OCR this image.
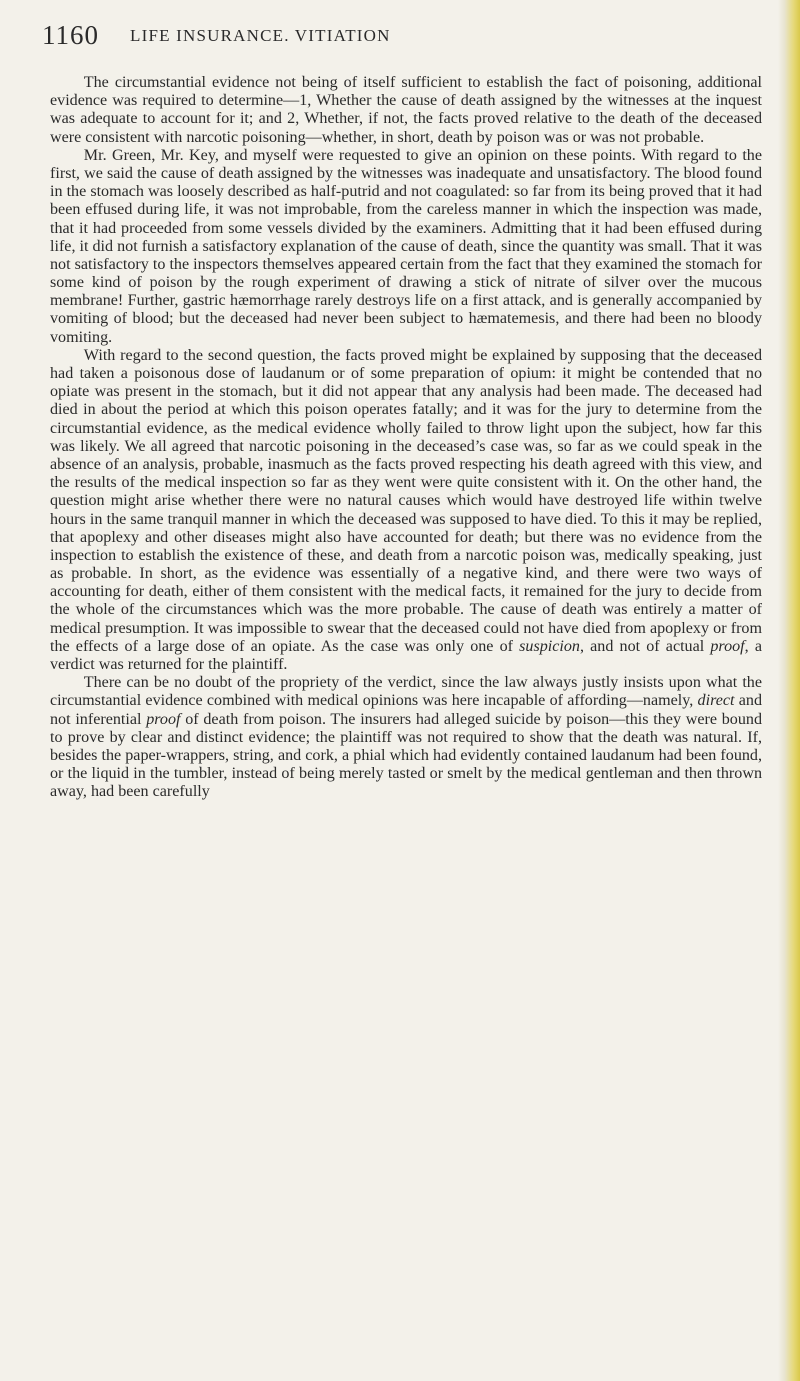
1160 LIFE INSURANCE. VITIATION

The circumstantial evidence not being of itself sufficient to establish the fact of poisoning, additional evidence was required to determine—1, Whether the cause of death assigned by the witnesses at the inquest was adequate to account for it; and 2, Whether, if not, the facts proved relative to the death of the deceased were consistent with narcotic poisoning—whether, in short, death by poison was or was not probable.

Mr. Green, Mr. Key, and myself were requested to give an opinion on these points. With regard to the first, we said the cause of death assigned by the witnesses was inadequate and unsatisfactory. The blood found in the stomach was loosely described as half-putrid and not coagulated: so far from its being proved that it had been effused during life, it was not improbable, from the careless manner in which the inspection was made, that it had proceeded from some vessels divided by the examiners. Admitting that it had been effused during life, it did not furnish a satisfactory explanation of the cause of death, since the quantity was small. That it was not satisfactory to the inspectors themselves appeared certain from the fact that they examined the stomach for some kind of poison by the rough experiment of drawing a stick of nitrate of silver over the mucous membrane! Further, gastric hæmorrhage rarely destroys life on a first attack, and is generally accompanied by vomiting of blood; but the deceased had never been subject to hæmatemesis, and there had been no bloody vomiting.

With regard to the second question, the facts proved might be explained by supposing that the deceased had taken a poisonous dose of laudanum or of some preparation of opium: it might be contended that no opiate was present in the stomach, but it did not appear that any analysis had been made. The deceased had died in about the period at which this poison operates fatally; and it was for the jury to determine from the circumstantial evidence, as the medical evidence wholly failed to throw light upon the subject, how far this was likely. We all agreed that narcotic poisoning in the deceased’s case was, so far as we could speak in the absence of an analysis, probable, inasmuch as the facts proved respecting his death agreed with this view, and the results of the medical inspection so far as they went were quite consistent with it. On the other hand, the question might arise whether there were no natural causes which would have destroyed life within twelve hours in the same tranquil manner in which the deceased was supposed to have died. To this it may be replied, that apoplexy and other diseases might also have accounted for death; but there was no evidence from the inspection to establish the existence of these, and death from a narcotic poison was, medically speaking, just as probable. In short, as the evidence was essentially of a negative kind, and there were two ways of accounting for death, either of them consistent with the medical facts, it remained for the jury to decide from the whole of the circumstances which was the more probable. The cause of death was entirely a matter of medical presumption. It was impossible to swear that the deceased could not have died from apoplexy or from the effects of a large dose of an opiate. As the case was only one of suspicion, and not of actual proof, a verdict was returned for the plaintiff.

There can be no doubt of the propriety of the verdict, since the law always justly insists upon what the circumstantial evidence combined with medical opinions was here incapable of affording—namely, direct and not inferential proof of death from poison. The insurers had alleged suicide by poison—this they were bound to prove by clear and distinct evidence; the plaintiff was not required to show that the death was natural. If, besides the paper-wrappers, string, and cork, a phial which had evidently contained laudanum had been found, or the liquid in the tumbler, instead of being merely tasted or smelt by the medical gentleman and then thrown away, had been carefully
